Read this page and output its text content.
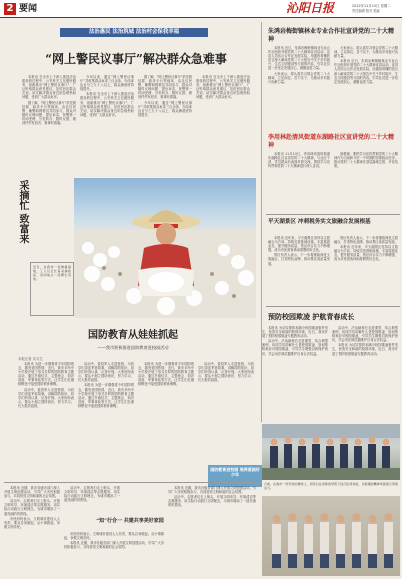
2 要闻	沁阳日报	2022年11月15日 星期二
责任编辑 校对 美编
法治惠民 法治筑城 法治村会保我幸福
“网上警民议事厅”解决群众急难事

本报讯 在全市上下深入推进法治建设的过程中，公安机关立足便民服务，创新推出“网上警民议事厅”，广泛听取群众意见建议，及时回应群众关切，切实解决群众身边的急难愁盼问题，受到广大群众好评。

据了解，“网上警民议事厅”依托微信群、政务平台等载体，由社区民警、辅警和网格员共同参与，群众可随时反映问题、提出诉求，民警第一时间受理、分类转办、限时反馈，做到件件有回音、事事有着落。

今年以来，通过“网上警民议事厅”共收集群众诉求三百余条，办结率达百分之九十八以上，群众满意度持续提升。

本报讯 在全市上下深入推进法治建设的过程中，公安机关立足便民服务，创新推出“网上警民议事厅”，广泛听取群众意见建议，及时回应群众关切，切实解决群众身边的急难愁盼问题，受到广大群众好评。

据了解，“网上警民议事厅”依托微信群、政务平台等载体，由社区民警、辅警和网格员共同参与，群众可随时反映问题、提出诉求，民警第一时间受理、分类转办、限时反馈，做到件件有回音、事事有着落。

今年以来，通过“网上警民议事厅”共收集群众诉求三百余条，办结率达百分之九十八以上，群众满意度持续提升。

本报讯 在全市上下深入推进法治建设的过程中，公安机关立足便民服务，创新推出“网上警民议事厅”，广泛听取群众意见建议，及时回应群众关切，切实解决群众身边的急难愁盼问题，受到广大群众好评。

采摘忙 致富来
近日，在我市一家种植基地，工人们正忙着采摘收获，田间地头一派繁忙景象。
国防教育从娃娃抓起
——我市积极推进国防教育进校园活动
本报记者 实习生

本报讯 为进一步增强青少年国防观念，激发爱国热情，近日，我市多所中小学校开展了形式多样的国防教育主题活动，通过升旗仪式、主题班会、知识讲座、军事体验等方式，让学生们在潜移默化中接受国防教育熏陶。

活动中，退役军人走进校园，为同学们讲述军营故事，讲解国防知识，同学们听得认真、记得仔细。大家纷纷表示，要从小树立国防意识，努力学习，长大报效祖国。

活动中，退役军人走进校园，为同学们讲述军营故事，讲解国防知识，同学们听得认真、记得仔细。大家纷纷表示，要从小树立国防意识，努力学习，长大报效祖国。

本报讯 为进一步增强青少年国防观念，激发爱国热情，近日，我市多所中小学校开展了形式多样的国防教育主题活动，通过升旗仪式、主题班会、知识讲座、军事体验等方式，让学生们在潜移默化中接受国防教育熏陶。

本报讯 为进一步增强青少年国防观念，激发爱国热情，近日，我市多所中小学校开展了形式多样的国防教育主题活动，通过升旗仪式、主题班会、知识讲座、军事体验等方式，让学生们在潜移默化中接受国防教育熏陶。

活动中，退役军人走进校园，为同学们讲述军营故事，讲解国防知识，同学们听得认真、记得仔细。大家纷纷表示，要从小树立国防意识，努力学习，长大报效祖国。

国防教育进校园 培养爱国好少年
“知”行合一 共建共享美好家园

本报讯 近期，我市各级各部门深入开展文明创建活动，引导广大市民积极参与，共同营造文明和谐的社会氛围。

活动中，志愿者们走上街头，开展文明劝导、环境清洁等志愿服务，用实际行动践行文明理念，为城市增添了一道亮丽的风景线。

市民纷纷表示，文明城市建设人人有责，要从自身做起，从小事做起，争做文明市民。

活动中，志愿者们走上街头，开展文明劝导、环境清洁等志愿服务，用实际行动践行文明理念，为城市增添了一道亮丽的风景线。

市民纷纷表示，文明城市建设人人有责，要从自身做起，从小事做起，争做文明市民。

本报讯 近期，我市各级各部门深入开展文明创建活动，引导广大市民积极参与，共同营造文明和谐的社会氛围。

本报讯 近期，我市各级各部门深入开展文明创建活动，引导广大市民积极参与，共同营造文明和谐的社会氛围。

活动中，志愿者们走上街头，开展文明劝导、环境清洁等志愿服务，用实际行动践行文明理念，为城市增添了一道亮丽的风景线。

朱鸿岩梅街镇林业专业合作社宣讲党的二十大精神

本报讯 近日，朱鸿岩梅街镇林业专业合作社组织开展党的二十大精神宣讲活动，宣讲人员结合合作社发展实际，用通俗易懂的语言深入解读党的二十大报告中关于乡村振兴、生态文明建设等方面的内容，引导社员进一步坚定发展信心，凝聚奋进力量。

大家表示，将认真学习领会党的二十大精神，立足岗位，苦干实干，为推动乡村振兴贡献力量。

大家表示，将认真学习领会党的二十大精神，立足岗位，苦干实干，为推动乡村振兴贡献力量。

本报讯 近日，朱鸿岩梅街镇林业专业合作社组织开展党的二十大精神宣讲活动，宣讲人员结合合作社发展实际，用通俗易懂的语言深入解读党的二十大报告中关于乡村振兴、生态文明建设等方面的内容，引导社员进一步坚定发展信心，凝聚奋进力量。

李用林赴清风街道东湖路社区宣讲党的二十大精神

本报讯 11月14日，李用林到清风街道东湖路社区宣讲党的二十大精神，与社区干部、党员群众代表面对面交流，围绕学习宣传贯彻党的二十大精神进行深入宣讲。

他强调，要把学习宣传贯彻党的二十大精神作为当前和今后一个时期的首要政治任务，推动党的二十大精神在基层落地生根、开花结果。

平天湖景区 冲刺税务实文旅融合发展根基

本报讯 近年来，平天湖景区坚持以文旅融合为方向，持续完善基础设施，丰富旅游业态，提升服务质量，景区综合实力不断增强，成为市民游客休闲度假的好去处。

景区负责人表示，下一步将继续深化文旅融合，打造特色品牌，推动景区高质量发展。

景区负责人表示，下一步将继续深化文旅融合，打造特色品牌，推动景区高质量发展。

本报讯 近年来，平天湖景区坚持以文旅融合为方向，持续完善基础设施，丰富旅游业态，提升服务质量，景区综合实力不断增强，成为市民游客休闲度假的好去处。

预防校园欺凌 护航青春成长

本报讯 为切实预防和减少校园欺凌事件发生，营造安全和谐的校园环境，近日，我市开展了预防校园欺凌专题教育活动。

活动中，法治副校长走进课堂，结合典型案例，向同学们讲解什么是校园欺凌、如何预防和应对校园欺凌，引导学生增强自我保护意识，学会用法律武器维护自身合法权益。

活动中，法治副校长走进课堂，结合典型案例，向同学们讲解什么是校园欺凌、如何预防和应对校园欺凌，引导学生增强自我保护意识，学会用法律武器维护自身合法权益。

本报讯 为切实预防和减少校园欺凌事件发生，营造安全和谐的校园环境，近日，我市开展了预防校园欺凌专题教育活动。

日前，在我市一所学校的操场上，同学们在老师的带领下进行队列训练，以饱满的精神风貌展示青春活力。
